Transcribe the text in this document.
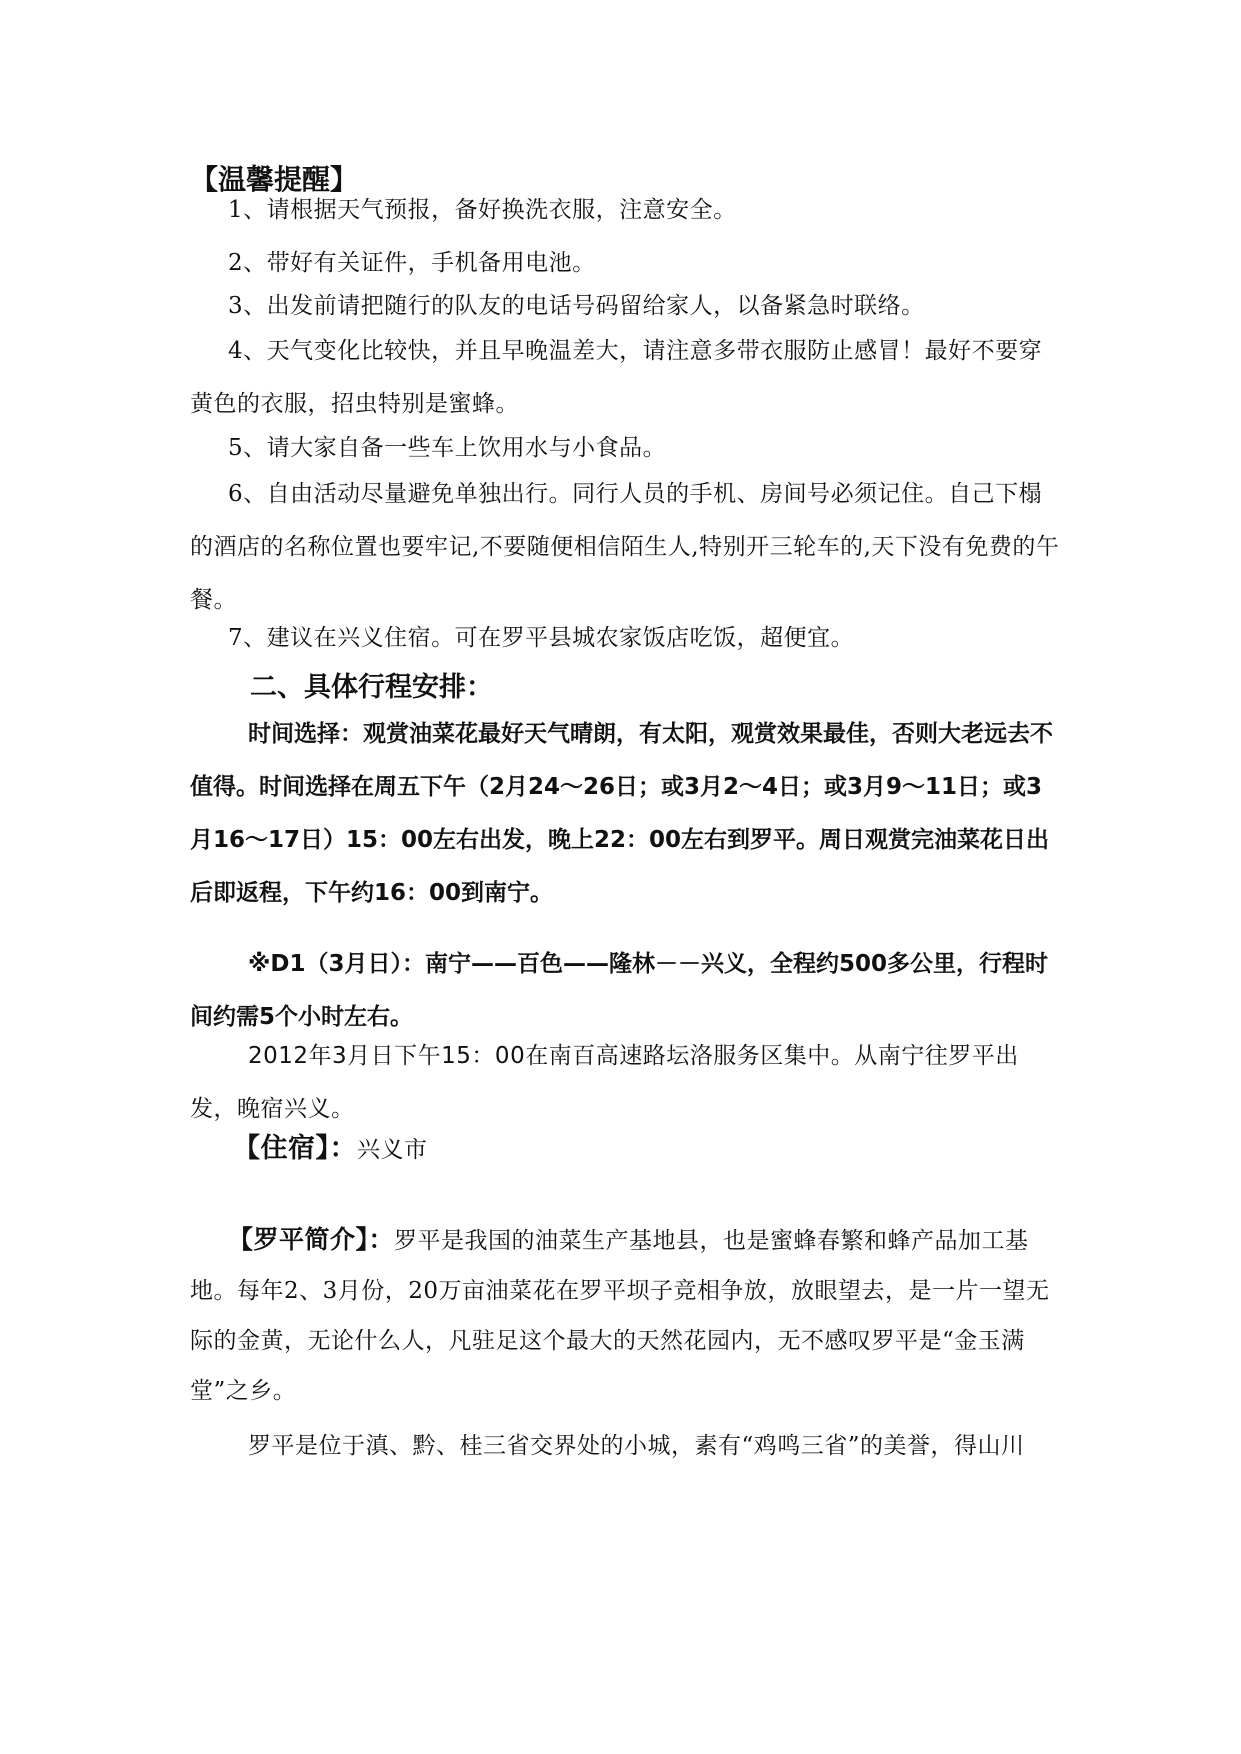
【温馨提醒】

1、请根据天气预报，备好换洗衣服，注意安全。

2、带好有关证件，手机备用电池。

3、出发前请把随行的队友的电话号码留给家人，以备紧急时联络。

4、天气变化比较快，并且早晚温差大，请注意多带衣服防止感冒！最好不要穿黄色的衣服，招虫特别是蜜蜂。

5、请大家自备一些车上饮用水与小食品。

6、自由活动尽量避免单独出行。同行人员的手机、房间号必须记住。自己下榻的酒店的名称位置也要牢记,不要随便相信陌生人,特别开三轮车的,天下没有免费的午餐。

7、建议在兴义住宿。可在罗平县城农家饭店吃饭，超便宜。

二、具体行程安排：

时间选择：观赏油菜花最好天气晴朗，有太阳，观赏效果最佳，否则大老远去不值得。时间选择在周五下午（2月24～26日；或3月2～4日；或3月9～11日；或3月16～17日）15：00左右出发，晚上22：00左右到罗平。周日观赏完油菜花日出后即返程，下午约16：00到南宁。

※D1（3月日）：南宁——百色——隆林－－兴义，全程约500多公里，行程时间约需5个小时左右。

2012年3月日下午15：00在南百高速路坛洛服务区集中。从南宁往罗平出发，晚宿兴义。

【住宿】：兴义市

【罗平简介】：罗平是我国的油菜生产基地县，也是蜜蜂春繁和蜂产品加工基地。每年2、3月份，20万亩油菜花在罗平坝子竞相争放，放眼望去，是一片一望无际的金黄，无论什么人，凡驻足这个最大的天然花园内，无不感叹罗平是“金玉满堂”之乡。

罗平是位于滇、黔、桂三省交界处的小城，素有“鸡鸣三省”的美誉，得山川
